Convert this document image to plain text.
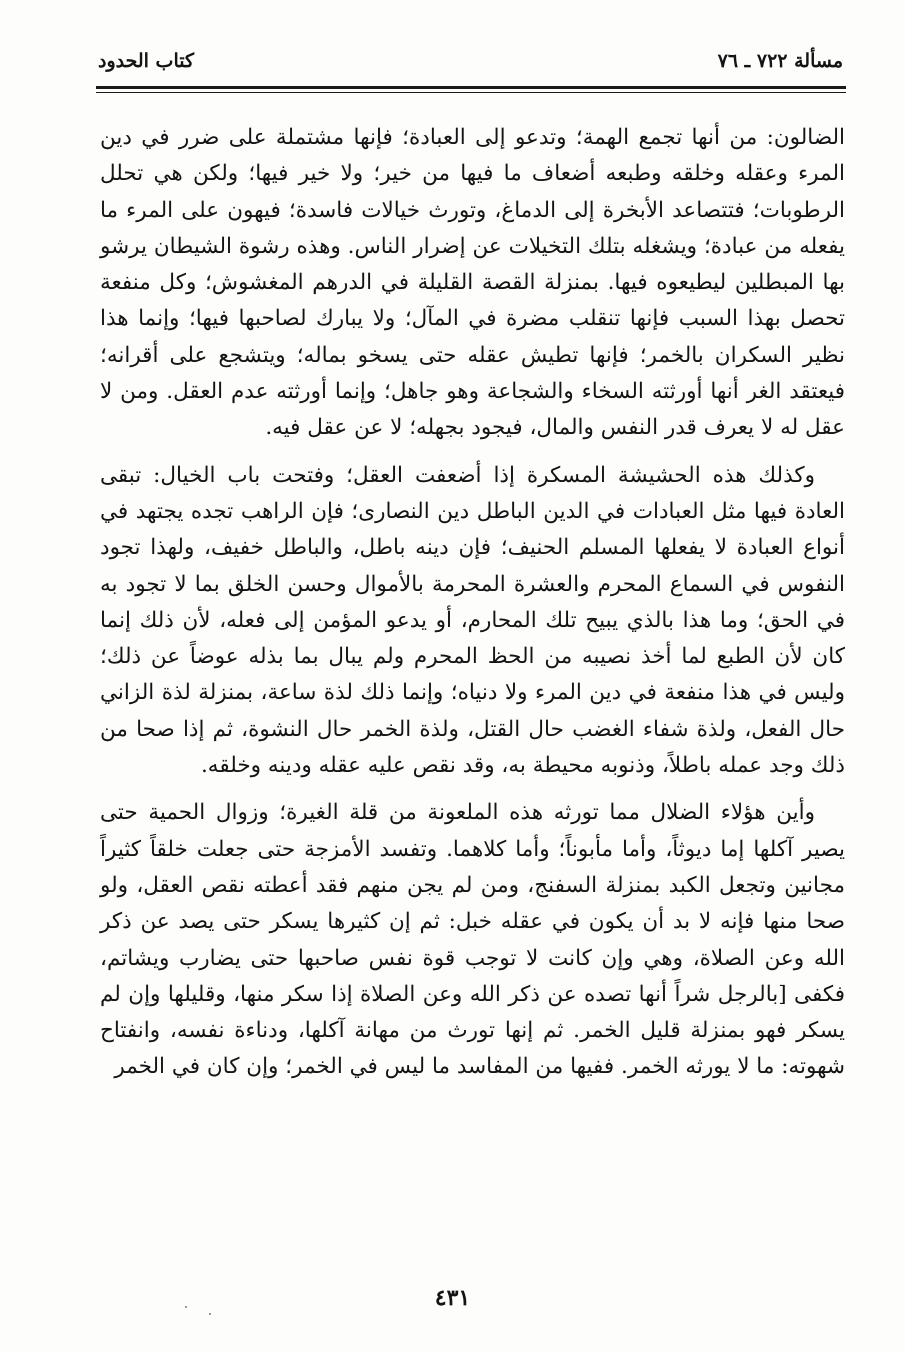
مسألة ٧٢٢ ـ ٧٦
كتاب الحدود

الضالون: من أنها تجمع الهمة؛ وتدعو إلى العبادة؛ فإنها مشتملة على ضرر في دين المرء وعقله وخلقه وطبعه أضعاف ما فيها من خير؛ ولا خير فيها؛ ولكن هي تحلل الرطوبات؛ فتتصاعد الأبخرة إلى الدماغ، وتورث خيالات فاسدة؛ فيهون على المرء ما يفعله من عبادة؛ ويشغله بتلك التخيلات عن إضرار الناس. وهذه رشوة الشيطان يرشو بها المبطلين ليطيعوه فيها. بمنزلة القصة القليلة في الدرهم المغشوش؛ وكل منفعة تحصل بهذا السبب فإنها تنقلب مضرة في المآل؛ ولا يبارك لصاحبها فيها؛ وإنما هذا نظير السكران بالخمر؛ فإنها تطيش عقله حتى يسخو بماله؛ ويتشجع على أقرانه؛ فيعتقد الغر أنها أورثته السخاء والشجاعة وهو جاهل؛ وإنما أورثته عدم العقل. ومن لا عقل له لا يعرف قدر النفس والمال، فيجود بجهله؛ لا عن عقل فيه.

وكذلك هذه الحشيشة المسكرة إذا أضعفت العقل؛ وفتحت باب الخيال: تبقى العادة فيها مثل العبادات في الدين الباطل دين النصارى؛ فإن الراهب تجده يجتهد في أنواع العبادة لا يفعلها المسلم الحنيف؛ فإن دينه باطل، والباطل خفيف، ولهذا تجود النفوس في السماع المحرم والعشرة المحرمة بالأموال وحسن الخلق بما لا تجود به في الحق؛ وما هذا بالذي يبيح تلك المحارم، أو يدعو المؤمن إلى فعله، لأن ذلك إنما كان لأن الطبع لما أخذ نصيبه من الحظ المحرم ولم يبال بما بذله عوضاً عن ذلك؛ وليس في هذا منفعة في دين المرء ولا دنياه؛ وإنما ذلك لذة ساعة، بمنزلة لذة الزاني حال الفعل، ولذة شفاء الغضب حال القتل، ولذة الخمر حال النشوة، ثم إذا صحا من ذلك وجد عمله باطلاً، وذنوبه محيطة به، وقد نقص عليه عقله ودينه وخلقه.

وأين هؤلاء الضلال مما تورثه هذه الملعونة من قلة الغيرة؛ وزوال الحمية حتى يصير آكلها إما ديوثاً، وأما مأبوناً؛ وأما كلاهما. وتفسد الأمزجة حتى جعلت خلقاً كثيراً مجانين وتجعل الكبد بمنزلة السفنج، ومن لم يجن منهم فقد أعطته نقص العقل، ولو صحا منها فإنه لا بد أن يكون في عقله خبل: ثم إن كثيرها يسكر حتى يصد عن ذكر الله وعن الصلاة، وهي وإن كانت لا توجب قوة نفس صاحبها حتى يضارب ويشاتم، فكفى [بالرجل شراً أنها تصده عن ذكر الله وعن الصلاة إذا سكر منها، وقليلها وإن لم يسكر فهو بمنزلة قليل الخمر. ثم إنها تورث من مهانة آكلها، ودناءة نفسه، وانفتاح شهوته: ما لا يورثه الخمر. ففيها من المفاسد ما ليس في الخمر؛ وإن كان في الخمر

٤٣١
